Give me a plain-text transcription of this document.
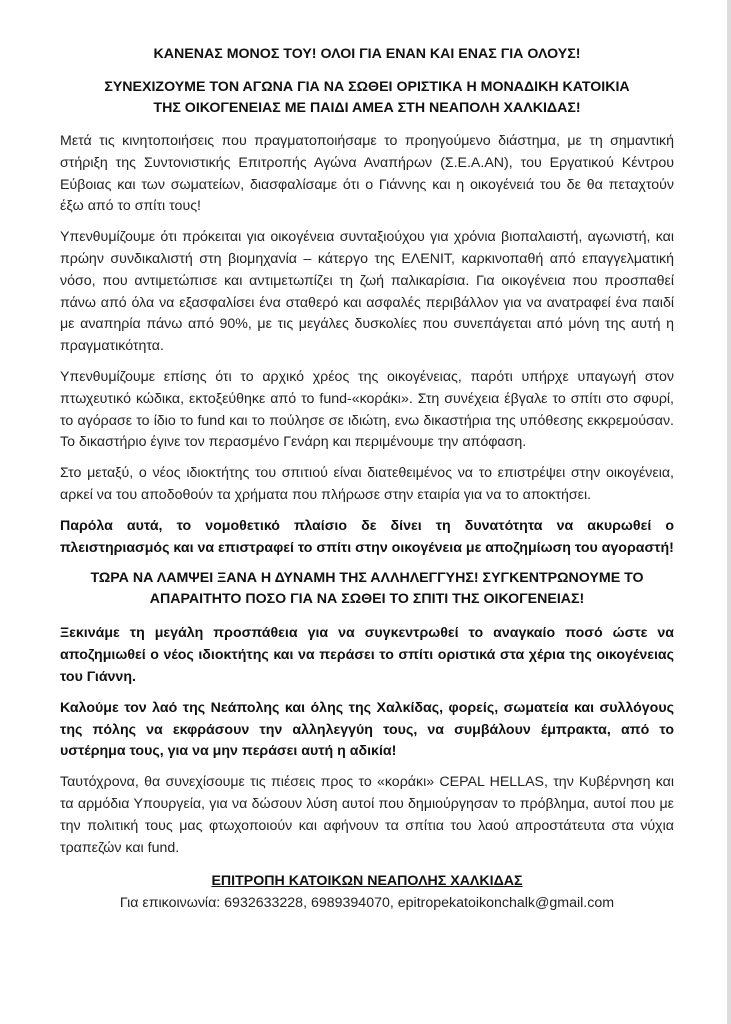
ΚΑΝΕΝΑΣ ΜΟΝΟΣ ΤΟΥ! ΟΛΟΙ ΓΙΑ ΕΝΑΝ ΚΑΙ ΕΝΑΣ ΓΙΑ ΟΛΟΥΣ!

ΣΥΝΕΧΙΖΟΥΜΕ ΤΟΝ ΑΓΩΝΑ ΓΙΑ ΝΑ ΣΩΘΕΙ ΟΡΙΣΤΙΚΑ Η ΜΟΝΑΔΙΚΗ ΚΑΤΟΙΚΙΑ
ΤΗΣ ΟΙΚΟΓΕΝΕΙΑΣ ΜΕ ΠΑΙΔΙ ΑΜΕΑ ΣΤΗ ΝΕΑΠΟΛΗ ΧΑΛΚΙΔΑΣ!

Μετά τις κινητοποιήσεις που πραγματοποιήσαμε το προηγούμενο διάστημα, με τη σημαντική στήριξη της Συντονιστικής Επιτροπής Αγώνα Αναπήρων (Σ.Ε.Α.ΑΝ), του Εργατικού Κέντρου Εύβοιας και των σωματείων, διασφαλίσαμε ότι ο Γιάννης και η οικογένειά του δε θα πεταχτούν έξω από το σπίτι τους!

Υπενθυμίζουμε ότι πρόκειται για οικογένεια συνταξιούχου για χρόνια βιοπαλαιστή, αγωνιστή, και πρώην συνδικαλιστή στη βιομηχανία – κάτεργο της ΕΛΕΝΙΤ, καρκινοπαθή από επαγγελματική νόσο, που αντιμετώπισε και αντιμετωπίζει τη ζωή παλικαρίσια. Για οικογένεια που προσπαθεί πάνω από όλα να εξασφαλίσει ένα σταθερό και ασφαλές περιβάλλον για να ανατραφεί ένα παιδί με αναπηρία πάνω από 90%, με τις μεγάλες δυσκολίες που συνεπάγεται από μόνη της αυτή η πραγματικότητα.

Υπενθυμίζουμε επίσης ότι το αρχικό χρέος της οικογένειας, παρότι υπήρχε υπαγωγή στον πτωχευτικό κώδικα, εκτοξεύθηκε από το fund-«κοράκι». Στη συνέχεια έβγαλε το σπίτι στο σφυρί, το αγόρασε το ίδιο το fund και το πούλησε σε ιδιώτη, ενω δικαστήρια της υπόθεσης εκκρεμούσαν. Το δικαστήριο έγινε τον περασμένο Γενάρη και περιμένουμε την απόφαση.

Στο μεταξύ, ο νέος ιδιοκτήτης του σπιτιού είναι διατεθειμένος να το επιστρέψει στην οικογένεια, αρκεί να του αποδοθούν τα χρήματα που πλήρωσε στην εταιρία για να το αποκτήσει.

Παρόλα αυτά, το νομοθετικό πλαίσιο δε δίνει τη δυνατότητα να ακυρωθεί ο πλειστηριασμός και να επιστραφεί το σπίτι στην οικογένεια με αποζημίωση του αγοραστή!

ΤΩΡΑ ΝΑ ΛΑΜΨΕΙ ΞΑΝΑ Η ΔΥΝΑΜΗ ΤΗΣ ΑΛΛΗΛΕΓΓΥΗΣ! ΣΥΓΚΕΝΤΡΩΝΟΥΜΕ ΤΟ
ΑΠΑΡΑΙΤΗΤΟ ΠΟΣΟ ΓΙΑ ΝΑ ΣΩΘΕΙ ΤΟ ΣΠΙΤΙ ΤΗΣ ΟΙΚΟΓΕΝΕΙΑΣ!

Ξεκινάμε τη μεγάλη προσπάθεια για να συγκεντρωθεί το αναγκαίο ποσό ώστε να αποζημιωθεί ο νέος ιδιοκτήτης και να περάσει το σπίτι οριστικά στα χέρια της οικογένειας του Γιάννη.

Καλούμε τον λαό της Νεάπολης και όλης της Χαλκίδας, φορείς, σωματεία και συλλόγους της πόλης να εκφράσουν την αλληλεγγύη τους, να συμβάλουν έμπρακτα, από το υστέρημα τους, για να μην περάσει αυτή η αδικία!

Ταυτόχρονα, θα συνεχίσουμε τις πιέσεις προς το «κοράκι» CEPAL HELLAS, την Κυβέρνηση και τα αρμόδια Υπουργεία, για να δώσουν λύση αυτοί που δημιούργησαν το πρόβλημα, αυτοί που με την πολιτική τους μας φτωχοποιούν και αφήνουν τα σπίτια του λαού απροστάτευτα στα νύχια τραπεζών και fund.

ΕΠΙΤΡΟΠΗ ΚΑΤΟΙΚΩΝ ΝΕΑΠΟΛΗΣ ΧΑΛΚΙΔΑΣ
Για επικοινωνία: 6932633228, 6989394070, epitropekatoikonchalk@gmail.com
